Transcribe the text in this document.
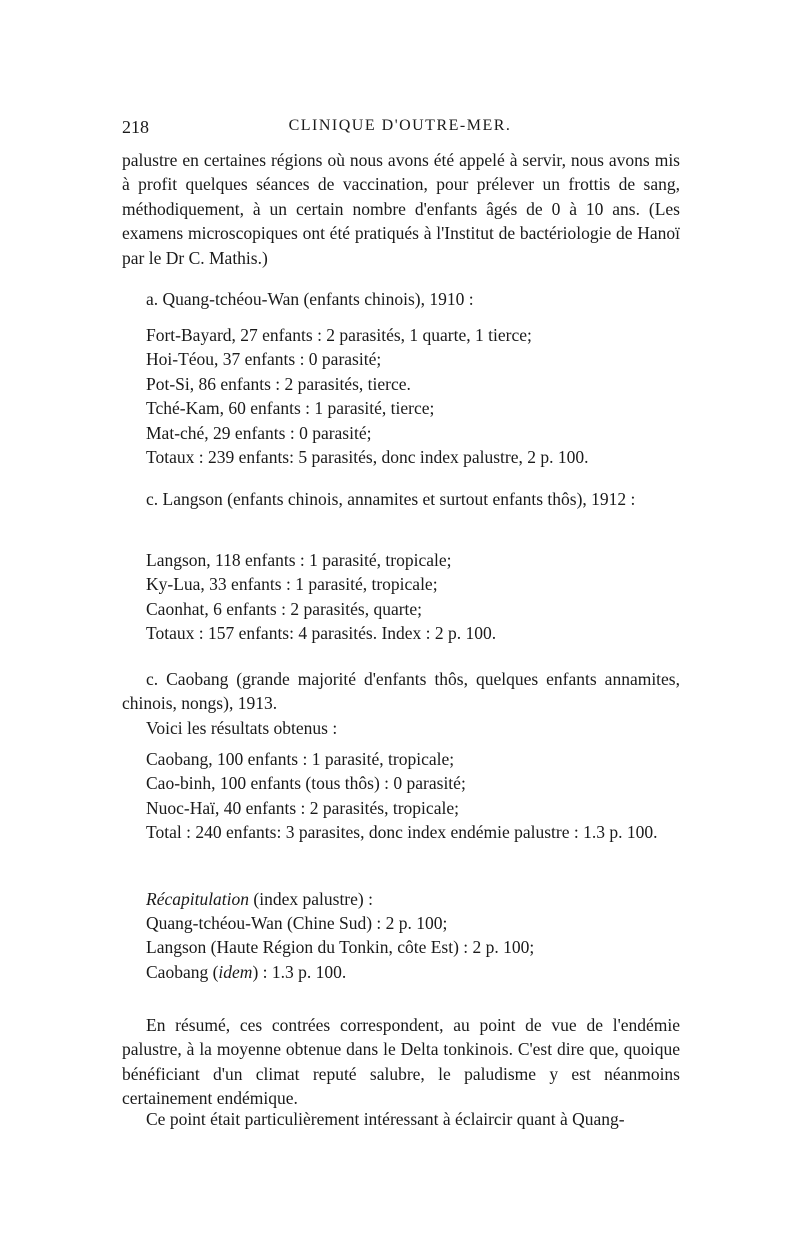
218	CLINIQUE D'OUTRE-MER.

palustre en certaines régions où nous avons été appelé à servir, nous avons mis à profit quelques séances de vaccination, pour prélever un frottis de sang, méthodiquement, à un certain nombre d'enfants âgés de 0 à 10 ans. (Les examens microscopiques ont été pratiqués à l'Institut de bactériologie de Hanoï par le Dr C. Mathis.)

a. Quang-tchéou-Wan (enfants chinois), 1910 :

Fort-Bayard, 27 enfants : 2 parasités, 1 quarte, 1 tierce;

Hoi-Téou, 37 enfants : 0 parasité;

Pot-Si, 86 enfants : 2 parasités, tierce.

Tché-Kam, 60 enfants : 1 parasité, tierce;

Mat-ché, 29 enfants : 0 parasité;

Totaux : 239 enfants: 5 parasités, donc index palustre, 2 p. 100.

c. Langson (enfants chinois, annamites et surtout enfants thôs), 1912 :

Langson, 118 enfants : 1 parasité, tropicale;

Ky-Lua, 33 enfants : 1 parasité, tropicale;

Caonhat, 6 enfants : 2 parasités, quarte;

Totaux : 157 enfants: 4 parasités. Index : 2 p. 100.

c. Caobang (grande majorité d'enfants thôs, quelques enfants annamites, chinois, nongs), 1913.

Voici les résultats obtenus :

Caobang, 100 enfants : 1 parasité, tropicale;

Cao-binh, 100 enfants (tous thôs) : 0 parasité;

Nuoc-Haï, 40 enfants : 2 parasités, tropicale;

Total : 240 enfants: 3 parasites, donc index endémie palustre : 1.3 p. 100.

Récapitulation (index palustre) :

Quang-tchéou-Wan (Chine Sud) : 2 p. 100;

Langson (Haute Région du Tonkin, côte Est) : 2 p. 100;

Caobang (idem) : 1.3 p. 100.

En résumé, ces contrées correspondent, au point de vue de l'endémie palustre, à la moyenne obtenue dans le Delta tonkinois. C'est dire que, quoique bénéficiant d'un climat reputé salubre, le paludisme y est néanmoins certainement endémique.

Ce point était particulièrement intéressant à éclaircir quant à Quang-
